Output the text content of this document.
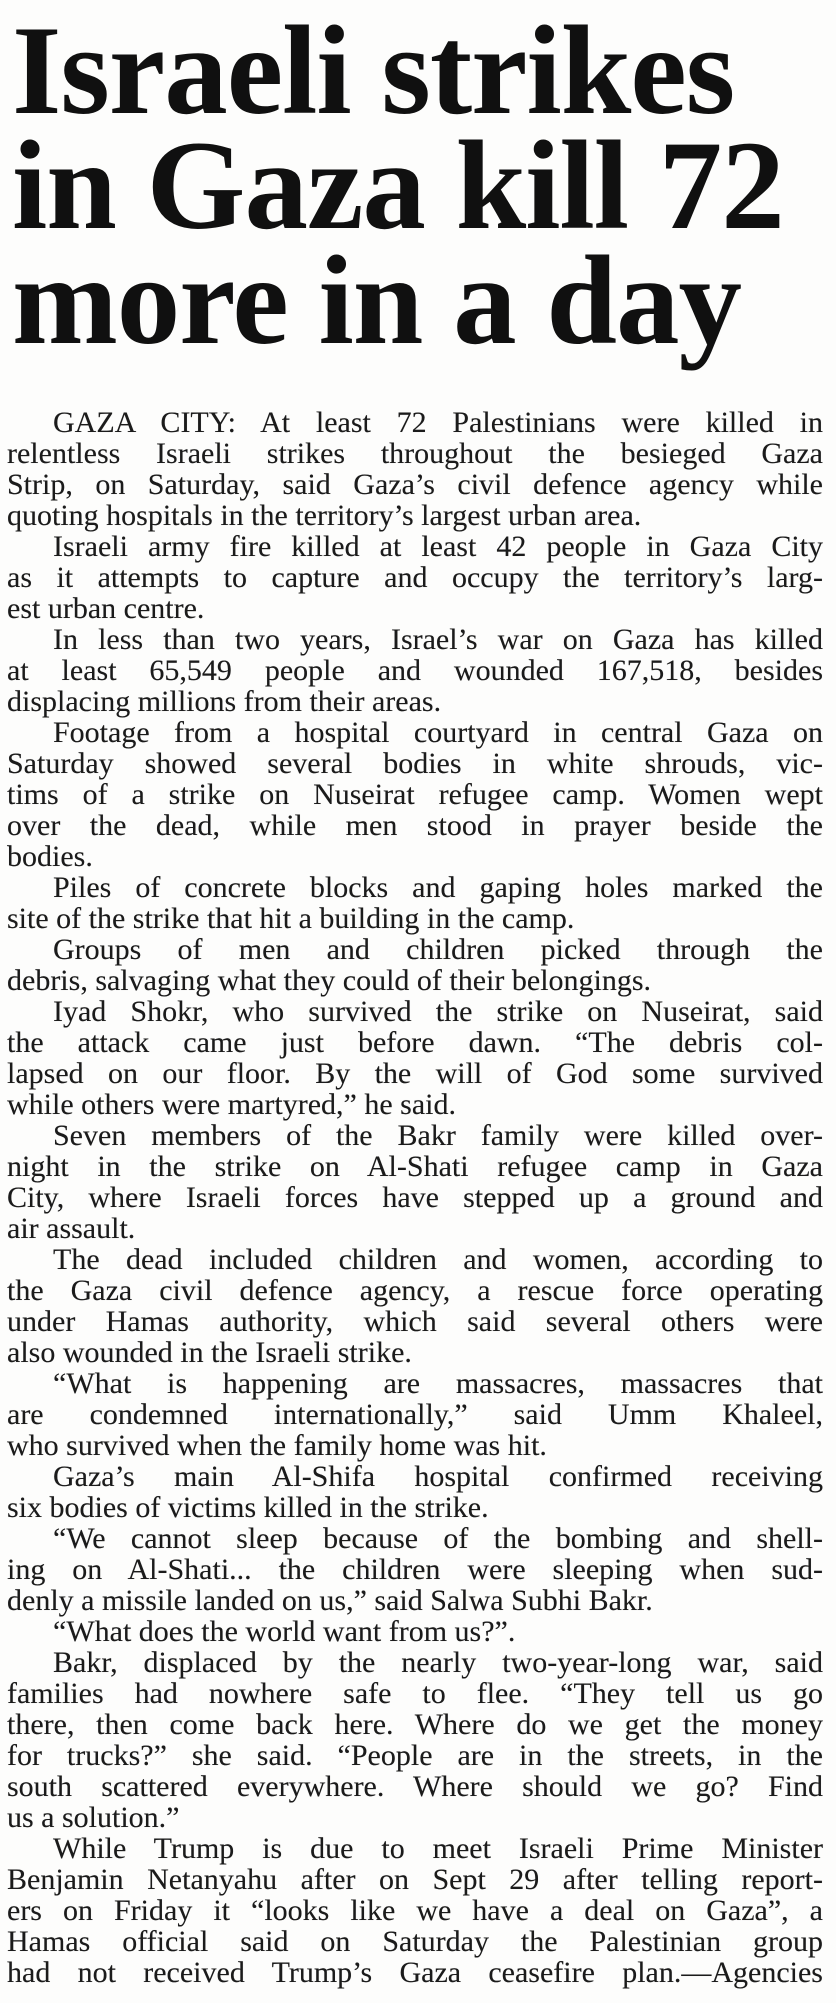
Israeli strikes
in Gaza kill 72
more in a day

GAZA CITY: At least 72 Palestinians were killed in
relentless Israeli strikes throughout the besieged Gaza
Strip, on Saturday, said Gaza’s civil defence agency while
quoting hospitals in the territory’s largest urban area.

Israeli army fire killed at least 42 people in Gaza City
as it attempts to capture and occupy the territory’s larg-
est urban centre.

In less than two years, Israel’s war on Gaza has killed
at least 65,549 people and wounded 167,518, besides
displacing millions from their areas.

Footage from a hospital courtyard in central Gaza on
Saturday showed several bodies in white shrouds, vic-
tims of a strike on Nuseirat refugee camp. Women wept
over the dead, while men stood in prayer beside the
bodies.

Piles of concrete blocks and gaping holes marked the
site of the strike that hit a building in the camp.

Groups of men and children picked through the
debris, salvaging what they could of their belongings.

Iyad Shokr, who survived the strike on Nuseirat, said
the attack came just before dawn. “The debris col-
lapsed on our floor. By the will of God some survived
while others were martyred,” he said.

Seven members of the Bakr family were killed over-
night in the strike on Al-Shati refugee camp in Gaza
City, where Israeli forces have stepped up a ground and
air assault.

The dead included children and women, according to
the Gaza civil defence agency, a rescue force operating
under Hamas authority, which said several others were
also wounded in the Israeli strike.

“What is happening are massacres, massacres that
are condemned internationally,” said Umm Khaleel,
who survived when the family home was hit.

Gaza’s main Al-Shifa hospital confirmed receiving
six bodies of victims killed in the strike.

“We cannot sleep because of the bombing and shell-
ing on Al-Shati... the children were sleeping when sud-
denly a missile landed on us,” said Salwa Subhi Bakr.

“What does the world want from us?”.

Bakr, displaced by the nearly two-year-long war, said
families had nowhere safe to flee. “They tell us go
there, then come back here. Where do we get the money
for trucks?” she said. “People are in the streets, in the
south scattered everywhere. Where should we go? Find
us a solution.”

While Trump is due to meet Israeli Prime Minister
Benjamin Netanyahu after on Sept 29 after telling report-
ers on Friday it “looks like we have a deal on Gaza”, a
Hamas official said on Saturday the Palestinian group
had not received Trump’s Gaza ceasefire plan.—Agencies
